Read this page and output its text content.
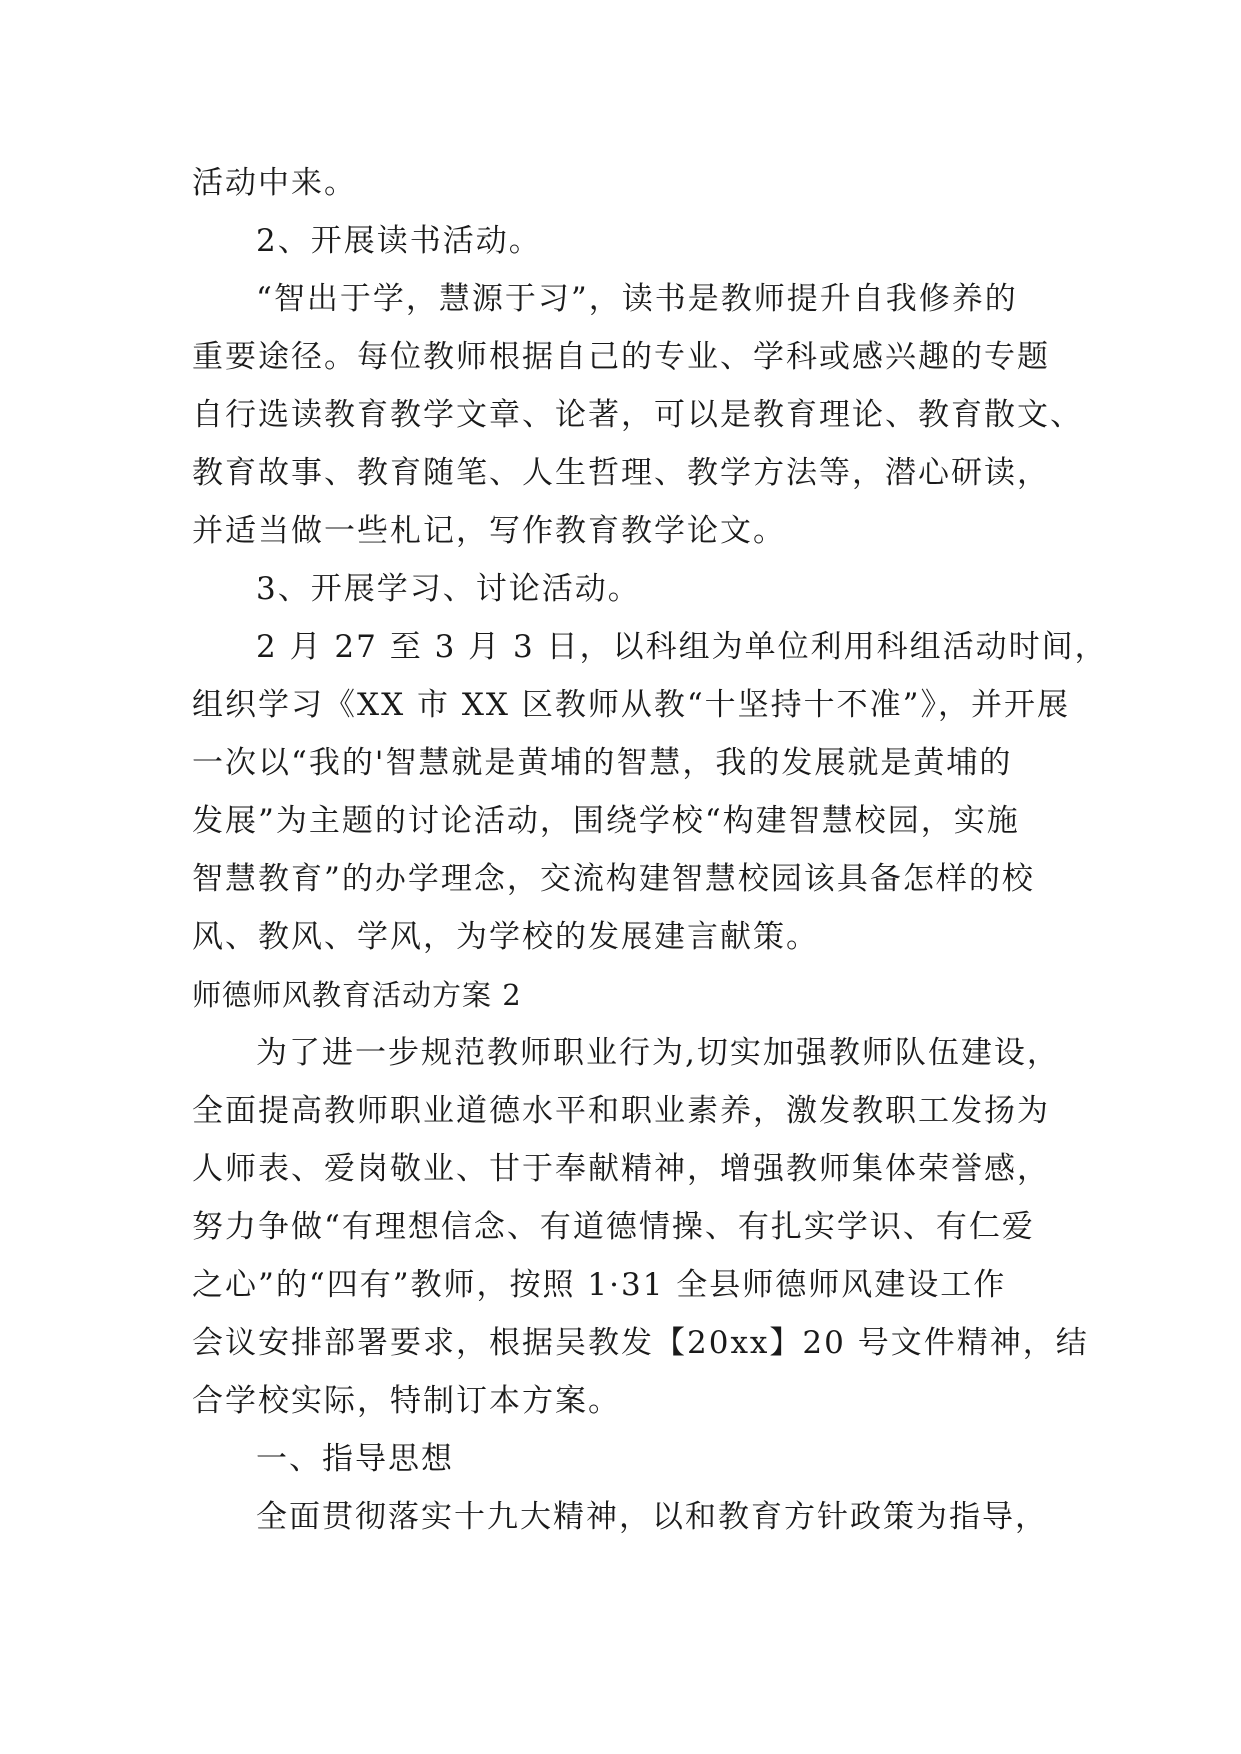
活动中来。
2、开展读书活动。
“智出于学，慧源于习”，读书是教师提升自我修养的
重要途径。每位教师根据自己的专业、学科或感兴趣的专题
自行选读教育教学文章、论著，可以是教育理论、教育散文、
教育故事、教育随笔、人生哲理、教学方法等，潜心研读，
并适当做一些札记，写作教育教学论文。
3、开展学习、讨论活动。
2 月 27 至 3 月 3 日，以科组为单位利用科组活动时间，
组织学习《XX 市 XX 区教师从教“十坚持十不准”》，并开展
一次以“我的'智慧就是黄埔的智慧，我的发展就是黄埔的
发展”为主题的讨论活动，围绕学校“构建智慧校园，实施
智慧教育”的办学理念，交流构建智慧校园该具备怎样的校
风、教风、学风，为学校的发展建言献策。
师德师风教育活动方案 2
为了进一步规范教师职业行为,切实加强教师队伍建设，
全面提高教师职业道德水平和职业素养，激发教职工发扬为
人师表、爱岗敬业、甘于奉献精神，增强教师集体荣誉感，
努力争做“有理想信念、有道德情操、有扎实学识、有仁爱
之心”的“四有”教师，按照 1·31 全县师德师风建设工作
会议安排部署要求，根据吴教发【20xx】20 号文件精神，结
合学校实际，特制订本方案。
一、指导思想
全面贯彻落实十九大精神，以和教育方针政策为指导，
